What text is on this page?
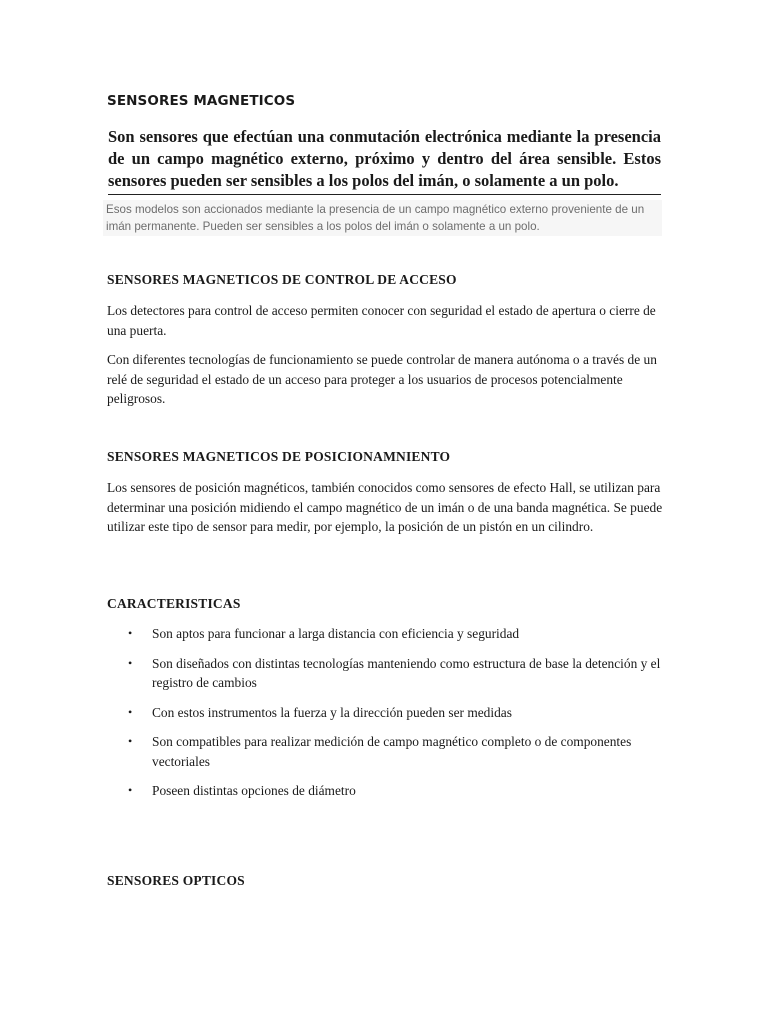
SENSORES MAGNETICOS
Son sensores que efectúan una conmutación electrónica mediante la presencia de un campo magnético externo, próximo y dentro del área sensible. Estos sensores pueden ser sensibles a los polos del imán, o solamente a un polo.
Esos modelos son accionados mediante la presencia de un campo magnético externo proveniente de un imán permanente. Pueden ser sensibles a los polos del imán o solamente a un polo.
SENSORES MAGNETICOS DE CONTROL DE ACCESO

Los detectores para control de acceso permiten conocer con seguridad el estado de apertura o cierre de una puerta.

Con diferentes tecnologías de funcionamiento se puede controlar de manera autónoma o a través de un relé de seguridad el estado de un acceso para proteger a los usuarios de procesos potencialmente peligrosos.

SENSORES MAGNETICOS DE POSICIONAMNIENTO

Los sensores de posición magnéticos, también conocidos como sensores de efecto Hall, se utilizan para determinar una posición midiendo el campo magnético de un imán o de una banda magnética. Se puede utilizar este tipo de sensor para medir, por ejemplo, la posición de un pistón en un cilindro.

CARACTERISTICAS
• Son aptos para funcionar a larga distancia con eficiencia y seguridad
• Son diseñados con distintas tecnologías manteniendo como estructura de base la detención y el registro de cambios
• Con estos instrumentos la fuerza y la dirección pueden ser medidas
• Son compatibles para realizar medición de campo magnético completo o de componentes vectoriales
• Poseen distintas opciones de diámetro
SENSORES OPTICOS
